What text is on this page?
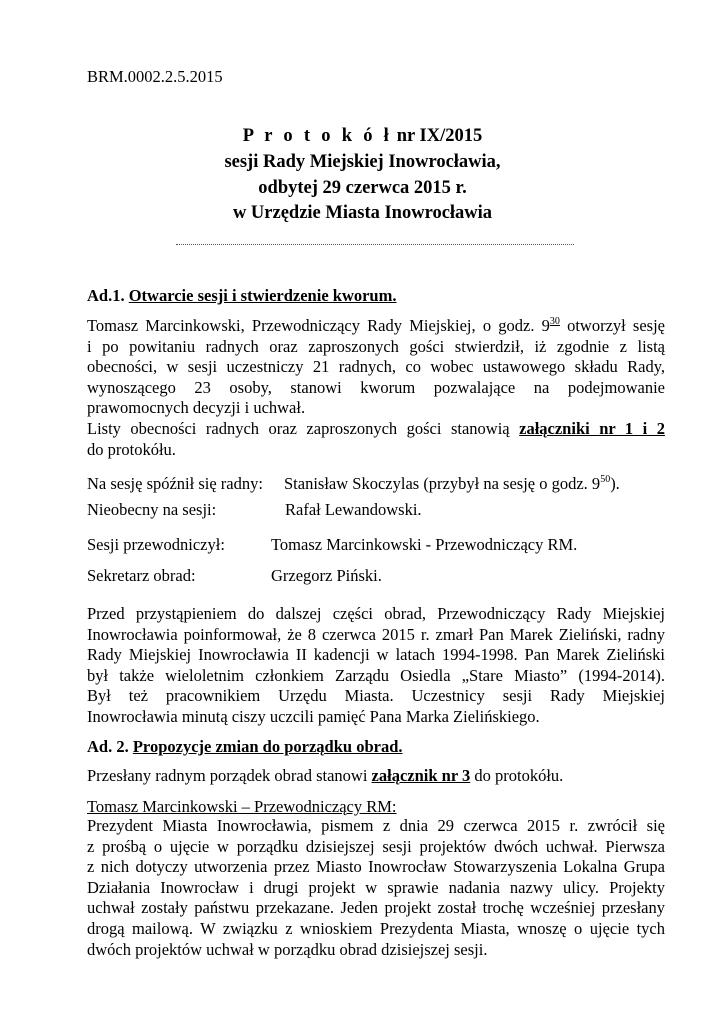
BRM.0002.2.5.2015
P r o t o k ó ł nr IX/2015
sesji Rady Miejskiej Inowrocławia,
odbytej 29 czerwca 2015 r.
w Urzędzie Miasta Inowrocławia
Ad.1. Otwarcie sesji i stwierdzenie kworum.
Tomasz Marcinkowski, Przewodniczący Rady Miejskiej, o godz. $9^{30}$ otworzył sesję
i po powitaniu radnych oraz zaproszonych gości stwierdził, iż zgodnie z listą
obecności, w sesji uczestniczy 21 radnych, co wobec ustawowego składu Rady,
wynoszącego 23 osoby, stanowi kworum pozwalające na podejmowanie
prawomocnych decyzji i uchwał.
Listy obecności radnych oraz zaproszonych gości stanowią załączniki nr 1 i 2
do protokółu.
Na sesję spóźnił się radny: Stanisław Skoczylas (przybył na sesję o godz. $9^{50}$).
Nieobecny na sesji:	Rafał Lewandowski.
Sesji przewodniczył:	Tomasz Marcinkowski - Przewodniczący RM.
Sekretarz obrad:	Grzegorz Piński.
Przed przystąpieniem do dalszej części obrad, Przewodniczący Rady Miejskiej
Inowrocławia poinformował, że 8 czerwca 2015 r. zmarł Pan Marek Zieliński, radny
Rady Miejskiej Inowrocławia II kadencji w latach 1994-1998. Pan Marek Zieliński
był także wieloletnim członkiem Zarządu Osiedla „Stare Miasto” (1994-2014).
Był też pracownikiem Urzędu Miasta. Uczestnicy sesji Rady Miejskiej
Inowrocławia minutą ciszy uczcili pamięć Pana Marka Zielińskiego.
Ad. 2. Propozycje zmian do porządku obrad.
Przesłany radnym porządek obrad stanowi załącznik nr 3 do protokółu.
Tomasz Marcinkowski – Przewodniczący RM:
Prezydent Miasta Inowrocławia, pismem z dnia 29 czerwca 2015 r. zwrócił się
z prośbą o ujęcie w porządku dzisiejszej sesji projektów dwóch uchwał. Pierwsza
z nich dotyczy utworzenia przez Miasto Inowrocław Stowarzyszenia Lokalna Grupa
Działania Inowrocław i drugi projekt w sprawie nadania nazwy ulicy. Projekty
uchwał zostały państwu przekazane. Jeden projekt został trochę wcześniej przesłany
drogą mailową. W związku z wnioskiem Prezydenta Miasta, wnoszę o ujęcie tych
dwóch projektów uchwał w porządku obrad dzisiejszej sesji.
